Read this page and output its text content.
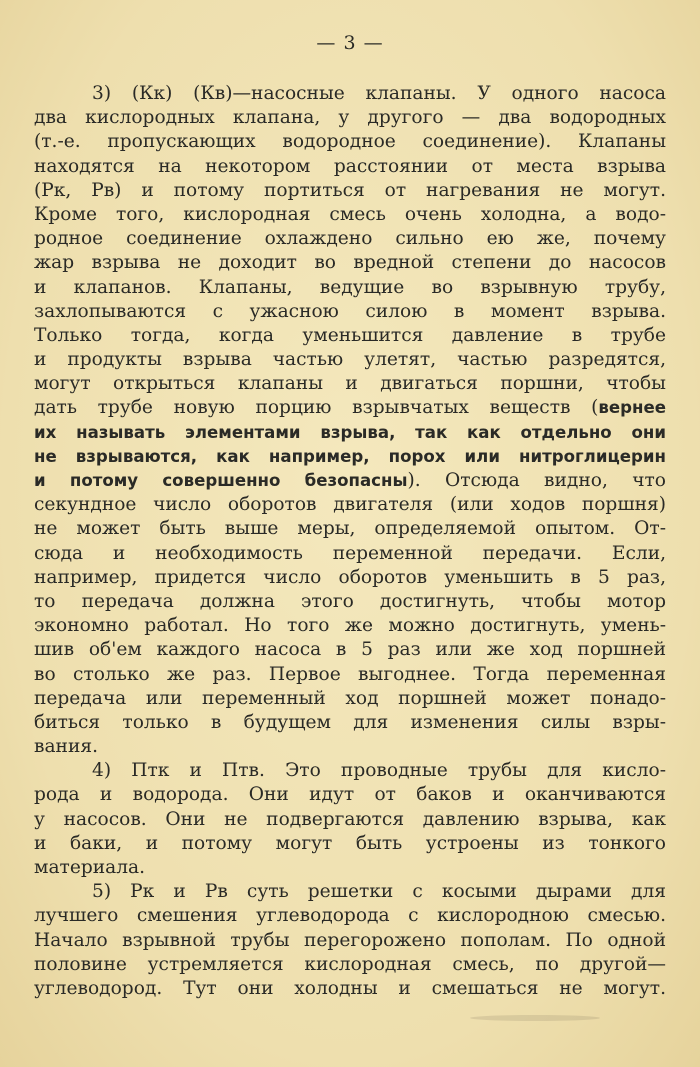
— 3 —
3) (Кк) (Кв)—насосные клапаны. У одного насоса
два кислородных клапана, у другого — два водородных
(т.-е. пропускающих водородное соединение). Клапаны
находятся на некотором расстоянии от места взрыва
(Рк, Рв) и потому портиться от нагревания не могут.
Кроме того, кислородная смесь очень холодна, а водо-
родное соединение охлаждено сильно ею же, почему
жар взрыва не доходит во вредной степени до насосов
и клапанов. Клапаны, ведущие во взрывную трубу,
захлопываются с ужасною силою в момент взрыва.
Только тогда, когда уменьшится давление в трубе
и продукты взрыва частью улетят, частью разредятся,
могут открыться клапаны и двигаться поршни, чтобы
дать трубе новую порцию взрывчатых веществ (вернее
их называть элементами взрыва, так как отдельно они
не взрываются, как например, порох или нитроглицерин
и потому совершенно безопасны). Отсюда видно, что
секундное число оборотов двигателя (или ходов поршня)
не может быть выше меры, определяемой опытом. От-
сюда и необходимость переменной передачи. Если,
например, придется число оборотов уменьшить в 5 раз,
то передача должна этого достигнуть, чтобы мотор
экономно работал. Но того же можно достигнуть, умень-
шив об'ем каждого насоса в 5 раз или же ход поршней
во столько же раз. Первое выгоднее. Тогда переменная
передача или переменный ход поршней может понадо-
биться только в будущем для изменения силы взры-
вания.
4) Птк и Птв. Это проводные трубы для кисло-
рода и водорода. Они идут от баков и оканчиваются
у насосов. Они не подвергаются давлению взрыва, как
и баки, и потому могут быть устроены из тонкого
материала.
5) Рк и Рв суть решетки с косыми дырами для
лучшего смешения углеводорода с кислородною смесью.
Начало взрывной трубы перегорожено пополам. По одной
половине устремляется кислородная смесь, по другой—
углеводород. Тут они холодны и смешаться не могут.
